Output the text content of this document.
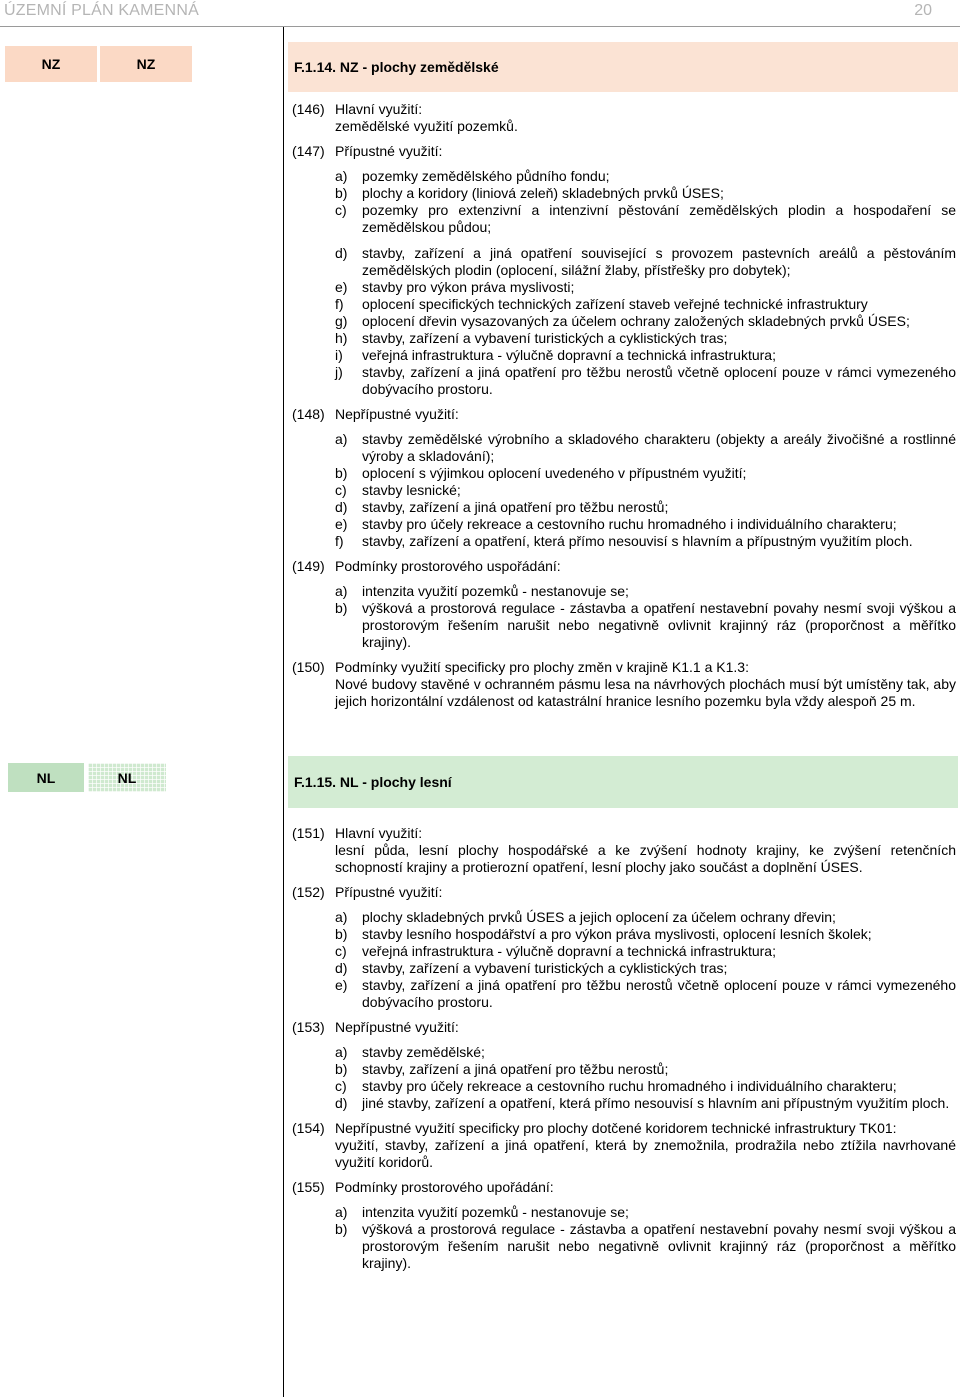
ÚZEMNÍ PLÁN KAMENNÁ	20
NZ	NZ	F.1.14. NZ - plochy zemědělské
(146) Hlavní využití:
zemědělské využití pozemků.
(147) Přípustné využití:
a)	pozemky zemědělského půdního fondu;
b)	plochy a koridory (liniová zeleň) skladebných prvků ÚSES;
c)	pozemky pro extenzivní a intenzivní pěstování zemědělských plodin a hospodaření se zemědělskou půdou;
d)	stavby, zařízení a jiná opatření související s provozem pastevních areálů a pěstováním zemědělských plodin (oplocení, silážní žlaby, přístřešky pro dobytek);
e)	stavby pro výkon práva myslivosti;
f)	oplocení specifických technických zařízení staveb veřejné technické infrastruktury
g)	oplocení dřevin vysazovaných za účelem ochrany založených skladebných prvků ÚSES;
h)	stavby, zařízení a vybavení turistických a cyklistických tras;
i)	veřejná infrastruktura - výlučně dopravní a technická infrastruktura;
j)	stavby, zařízení a jiná opatření pro těžbu nerostů včetně oplocení pouze v rámci vymezeného dobývacího prostoru.
(148) Nepřípustné využití:
a)	stavby zemědělské výrobního a skladového charakteru (objekty a areály živočišné a rostlinné výroby a skladování);
b)	oplocení s výjimkou oplocení uvedeného v přípustném využití;
c)	stavby lesnické;
d)	stavby, zařízení a jiná opatření pro těžbu nerostů;
e)	stavby pro účely rekreace a cestovního ruchu hromadného i individuálního charakteru;
f)	stavby, zařízení a opatření, která přímo nesouvisí s hlavním a přípustným využitím ploch.
(149) Podmínky prostorového uspořádání:
a)	intenzita využití pozemků - nestanovuje se;
b)	výšková a prostorová regulace - zástavba a opatření nestavební povahy nesmí svoji výškou a prostorovým řešením narušit nebo negativně ovlivnit krajinný ráz (proporčnost a měřítko krajiny).
(150) Podmínky využití specificky pro plochy změn v krajině K1.1 a K1.3:
Nové budovy stavěné v ochranném pásmu lesa na návrhových plochách musí být umístěny tak, aby jejich horizontální vzdálenost od katastrální hranice lesního pozemku byla vždy alespoň 25 m.
NL	NL	F.1.15. NL - plochy lesní
(151) Hlavní využití:
lesní půda, lesní plochy hospodářské a ke zvýšení hodnoty krajiny, ke zvýšení retenčních schopností krajiny a protierozní opatření, lesní plochy jako součást a doplnění ÚSES.
(152) Přípustné využití:
a)	plochy skladebných prvků ÚSES a jejich oplocení za účelem ochrany dřevin;
b)	stavby lesního hospodářství a pro výkon práva myslivosti, oplocení lesních školek;
c)	veřejná infrastruktura - výlučně dopravní a technická infrastruktura;
d)	stavby, zařízení a vybavení turistických a cyklistických tras;
e)	stavby, zařízení a jiná opatření pro těžbu nerostů včetně oplocení pouze v rámci vymezeného dobývacího prostoru.
(153) Nepřípustné využití:
a)	stavby zemědělské;
b)	stavby, zařízení a jiná opatření pro těžbu nerostů;
c)	stavby pro účely rekreace a cestovního ruchu hromadného i individuálního charakteru;
d)	jiné stavby, zařízení a opatření, která přímo nesouvisí s hlavním ani přípustným využitím ploch.
(154) Nepřípustné využití specificky pro plochy dotčené koridorem technické infrastruktury TK01:
využití, stavby, zařízení a jiná opatření, která by znemožnila, prodražila nebo ztížila navrhované využití koridorů.
(155) Podmínky prostorového upořádání:
a)	intenzita využití pozemků - nestanovuje se;
b)	výšková a prostorová regulace - zástavba a opatření nestavební povahy nesmí svoji výškou a prostorovým řešením narušit nebo negativně ovlivnit krajinný ráz (proporčnost a měřítko krajiny).
